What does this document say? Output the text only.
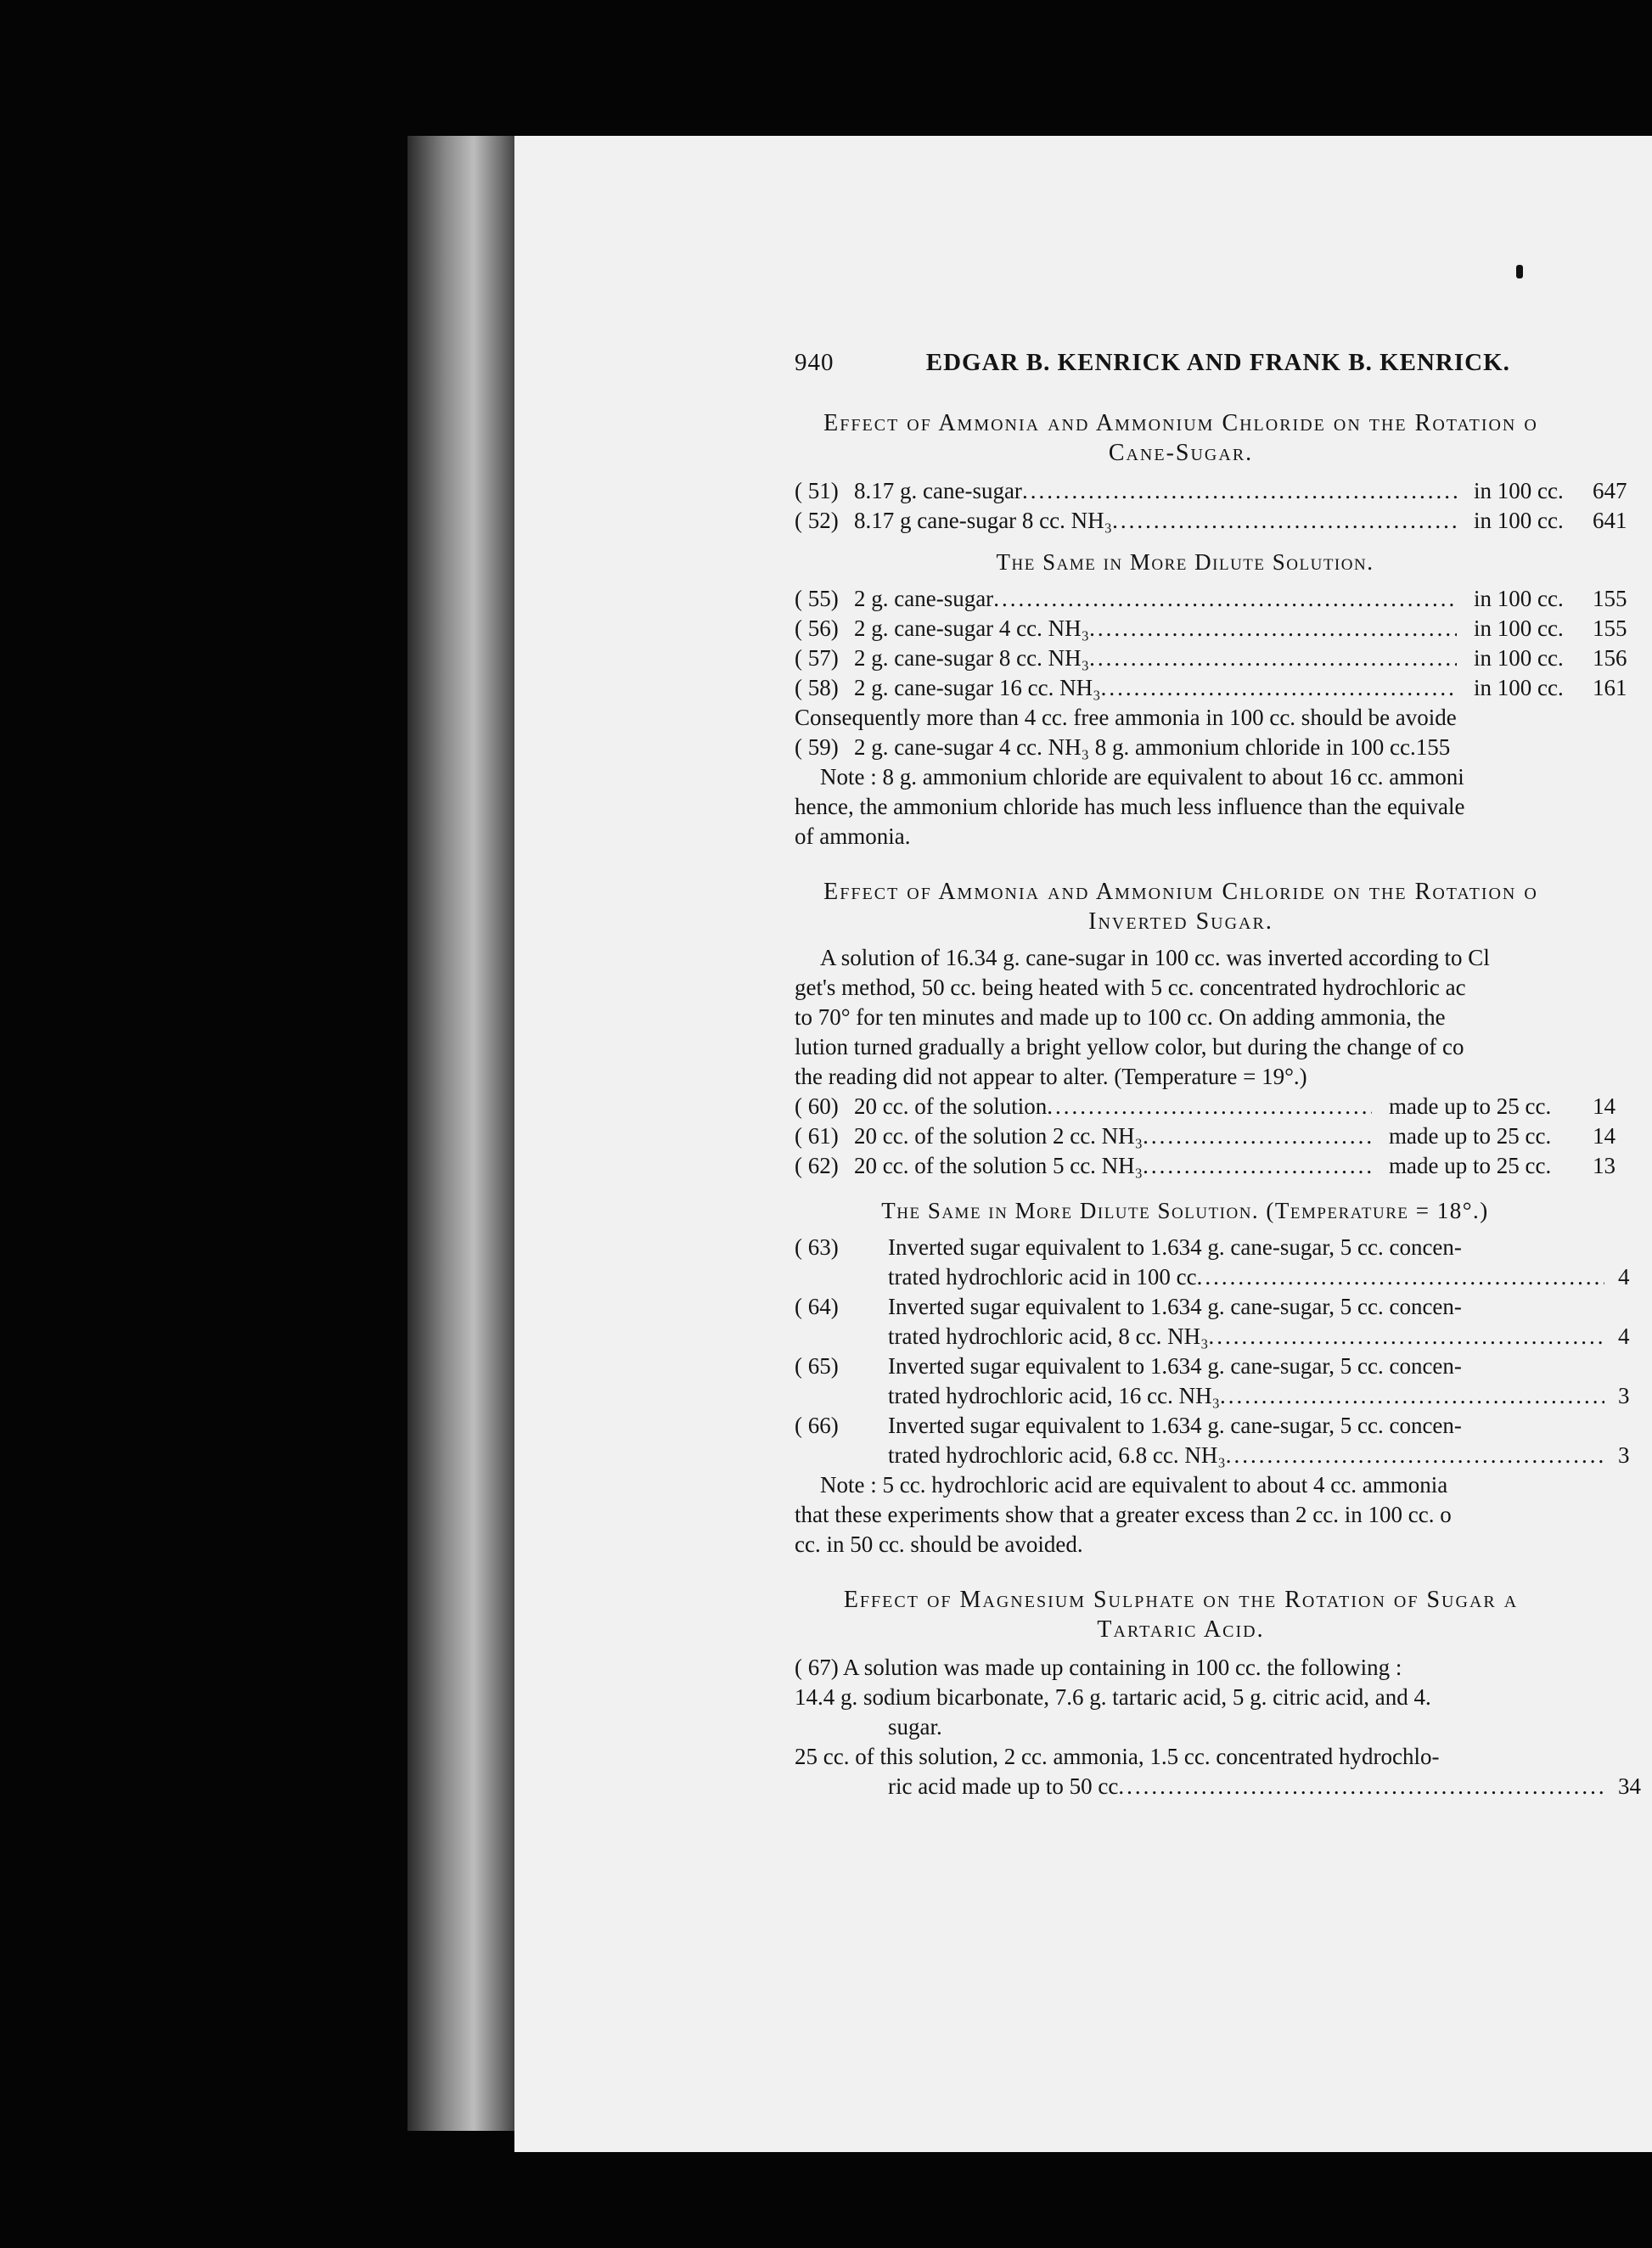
940	EDGAR B. KENRICK AND FRANK B. KENRICK.
Effect of Ammonia and Ammonium Chloride on the Rotation o
Cane-Sugar.
( 51) 8.17 g. cane-sugar .....	in 100 cc.	647
( 52) 8.17 g cane-sugar 8 cc. NH₃ .....	in 100 cc.	641
The Same in More Dilute Solution.
( 55) 2 g. cane-sugar .....	in 100 cc.	155
( 56) 2 g. cane-sugar 4 cc. NH₃ .....	in 100 cc.	155
( 57) 2 g. cane-sugar 8 cc. NH₃ .....	in 100 cc.	156
( 58) 2 g. cane-sugar 16 cc. NH₃ .....	in 100 cc.	161

Consequently more than 4 cc. free ammonia in 100 cc. should be avoide

( 59) 2 g. cane-sugar 4 cc. NH₃ 8 g. ammonium chloride in 100 cc. 155

Note : 8 g. ammonium chloride are equivalent to about 16 cc. ammoni

hence, the ammonium chloride has much less influence than the equivale

of ammonia.

Effect of Ammonia and Ammonium Chloride on the Rotation o
Inverted Sugar.

A solution of 16.34 g. cane-sugar in 100 cc. was inverted according to Cl

get's method, 50 cc. being heated with 5 cc. concentrated hydrochloric ac

to 70° for ten minutes and made up to 100 cc. On adding ammonia, the

lution turned gradually a bright yellow color, but during the change of co

the reading did not appear to alter. (Temperature = 19°.)

( 60) 20 cc. of the solution .....	made up to 25 cc.	14
( 61) 20 cc. of the solution 2 cc. NH₃ .....	made up to 25 cc.	14
( 62) 20 cc. of the solution 5 cc. NH₃ .....	made up to 25 cc.	13
The Same in More Dilute Solution. (Temperature = 18°.)
( 63)	Inverted sugar equivalent to 1.634 g. cane-sugar, 5 cc. concen-
trated hydrochloric acid in 100 cc .....	4
( 64)	Inverted sugar equivalent to 1.634 g. cane-sugar, 5 cc. concen-
trated hydrochloric acid, 8 cc. NH₃ .....	4
( 65)	Inverted sugar equivalent to 1.634 g. cane-sugar, 5 cc. concen-
trated hydrochloric acid, 16 cc. NH₃ .....	3
( 66)	Inverted sugar equivalent to 1.634 g. cane-sugar, 5 cc. concen-
trated hydrochloric acid, 6.8 cc. NH₃ .....	3

Note : 5 cc. hydrochloric acid are equivalent to about 4 cc. ammonia

that these experiments show that a greater excess than 2 cc. in 100 cc. o

cc. in 50 cc. should be avoided.

Effect of Magnesium Sulphate on the Rotation of Sugar a
Tartaric Acid.

( 67) A solution was made up containing in 100 cc. the following :

14.4 g. sodium bicarbonate, 7.6 g. tartaric acid, 5 g. citric acid, and 4.

sugar.

25 cc. of this solution, 2 cc. ammonia, 1.5 cc. concentrated hydrochlo-

ric acid made up to 50 cc .....	34
